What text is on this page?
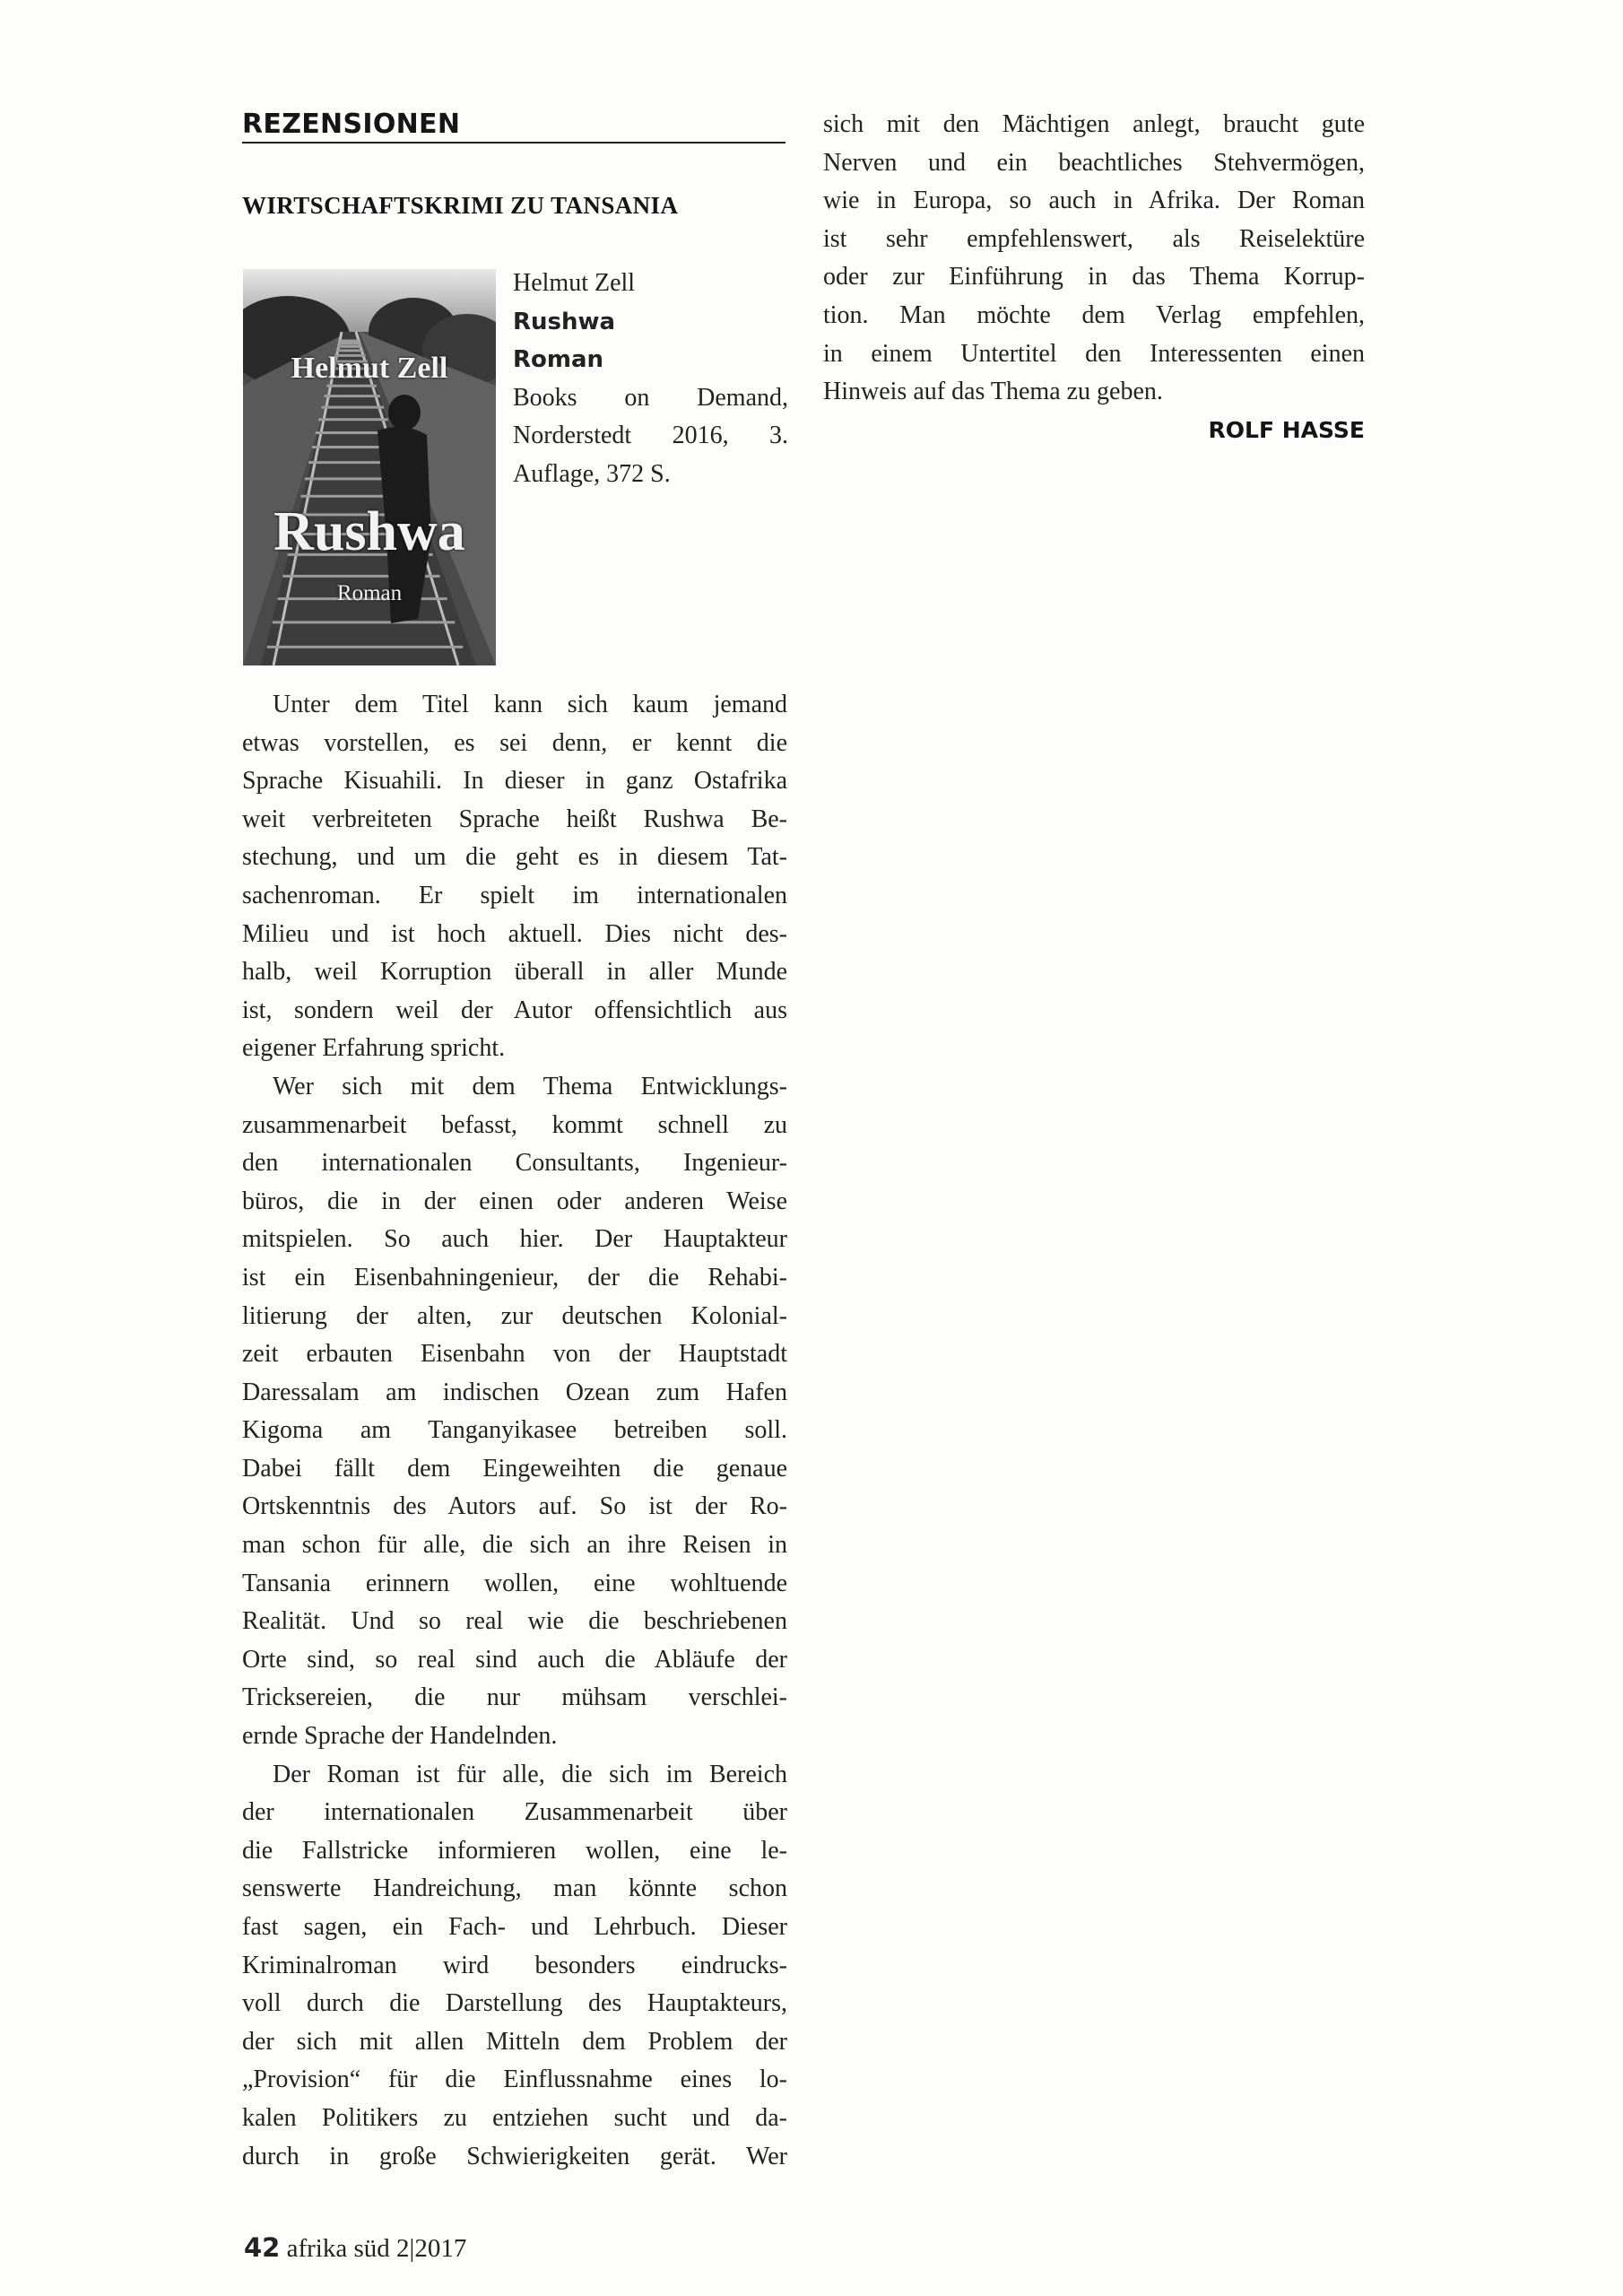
REZENSIONEN
WIRTSCHAFTSKRIMI ZU TANSANIA
Helmut Zell
Rushwa
Roman
Helmut Zell
Rushwa
Roman
Books on Demand,
Norderstedt 2016, 3.
Auflage, 372 S.
Unter dem Titel kann sich kaum jemand
etwas vorstellen, es sei denn, er kennt die
Sprache Kisuahili. In dieser in ganz Ostafrika
weit verbreiteten Sprache heißt Rushwa Be-
stechung, und um die geht es in diesem Tat-
sachenroman. Er spielt im internationalen
Milieu und ist hoch aktuell. Dies nicht des-
halb, weil Korruption überall in aller Munde
ist, sondern weil der Autor offensichtlich aus
eigener Erfahrung spricht.
Wer sich mit dem Thema Entwicklungs-
zusammenarbeit befasst, kommt schnell zu
den internationalen Consultants, Ingenieur-
büros, die in der einen oder anderen Weise
mitspielen. So auch hier. Der Hauptakteur
ist ein Eisenbahningenieur, der die Rehabi-
litierung der alten, zur deutschen Kolonial-
zeit erbauten Eisenbahn von der Hauptstadt
Daressalam am indischen Ozean zum Hafen
Kigoma am Tanganyikasee betreiben soll.
Dabei fällt dem Eingeweihten die genaue
Ortskenntnis des Autors auf. So ist der Ro-
man schon für alle, die sich an ihre Reisen in
Tansania erinnern wollen, eine wohltuende
Realität. Und so real wie die beschriebenen
Orte sind, so real sind auch die Abläufe der
Tricksereien, die nur mühsam verschlei-
ernde Sprache der Handelnden.
Der Roman ist für alle, die sich im Bereich
der internationalen Zusammenarbeit über
die Fallstricke informieren wollen, eine le-
senswerte Handreichung, man könnte schon
fast sagen, ein Fach- und Lehrbuch. Dieser
Kriminalroman wird besonders eindrucks-
voll durch die Darstellung des Hauptakteurs,
der sich mit allen Mitteln dem Problem der
„Provision“ für die Einflussnahme eines lo-
kalen Politikers zu entziehen sucht und da-
durch in große Schwierigkeiten gerät. Wer
sich mit den Mächtigen anlegt, braucht gute
Nerven und ein beachtliches Stehvermögen,
wie in Europa, so auch in Afrika. Der Roman
ist sehr empfehlenswert, als Reiselektüre
oder zur Einführung in das Thema Korrup-
tion. Man möchte dem Verlag empfehlen,
in einem Untertitel den Interessenten einen
Hinweis auf das Thema zu geben.
ROLF HASSE
42 afrika süd 2|2017
